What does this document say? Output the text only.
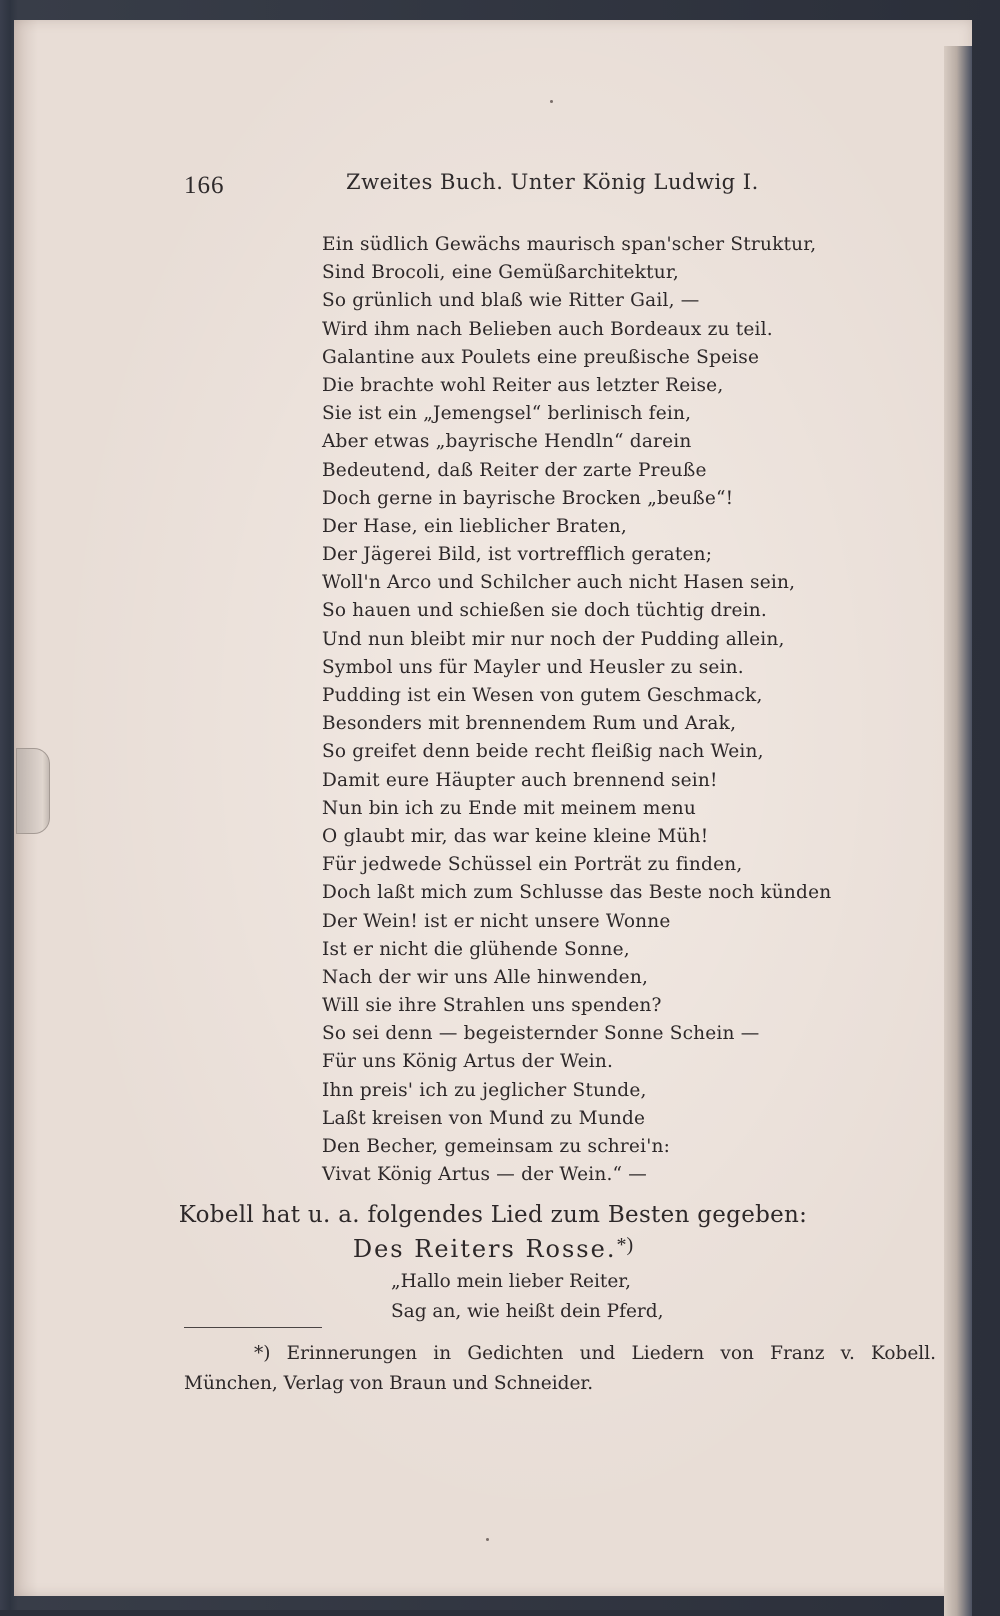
166	Zweites Buch. Unter König Ludwig I.
Ein südlich Gewächs maurisch span'scher Struktur,
Sind Brocoli, eine Gemüßarchitektur,
So grünlich und blaß wie Ritter Gail, —
Wird ihm nach Belieben auch Bordeaux zu teil.
Galantine aux Poulets eine preußische Speise
Die brachte wohl Reiter aus letzter Reise,
Sie ist ein „Jemengsel“ berlinisch fein,
Aber etwas „bayrische Hendln“ darein
Bedeutend, daß Reiter der zarte Preuße
Doch gerne in bayrische Brocken „beuße“!
Der Hase, ein lieblicher Braten,
Der Jägerei Bild, ist vortrefflich geraten;
Woll'n Arco und Schilcher auch nicht Hasen sein,
So hauen und schießen sie doch tüchtig drein.
Und nun bleibt mir nur noch der Pudding allein,
Symbol uns für Mayler und Heusler zu sein.
Pudding ist ein Wesen von gutem Geschmack,
Besonders mit brennendem Rum und Arak,
So greifet denn beide recht fleißig nach Wein,
Damit eure Häupter auch brennend sein!
Nun bin ich zu Ende mit meinem menu
O glaubt mir, das war keine kleine Müh!
Für jedwede Schüssel ein Porträt zu finden,
Doch laßt mich zum Schlusse das Beste noch künden
Der Wein! ist er nicht unsere Wonne
Ist er nicht die glühende Sonne,
Nach der wir uns Alle hinwenden,
Will sie ihre Strahlen uns spenden?
So sei denn — begeisternder Sonne Schein —
Für uns König Artus der Wein.
Ihn preis' ich zu jeglicher Stunde,
Laßt kreisen von Mund zu Munde
Den Becher, gemeinsam zu schrei'n:
Vivat König Artus — der Wein.“ —
Kobell hat u. a. folgendes Lied zum Besten gegeben:
Des Reiters Rosse.*)
„Hallo mein lieber Reiter,
Sag an, wie heißt dein Pferd,
*) Erinnerungen in Gedichten und Liedern von Franz v. Kobell.
München, Verlag von Braun und Schneider.
